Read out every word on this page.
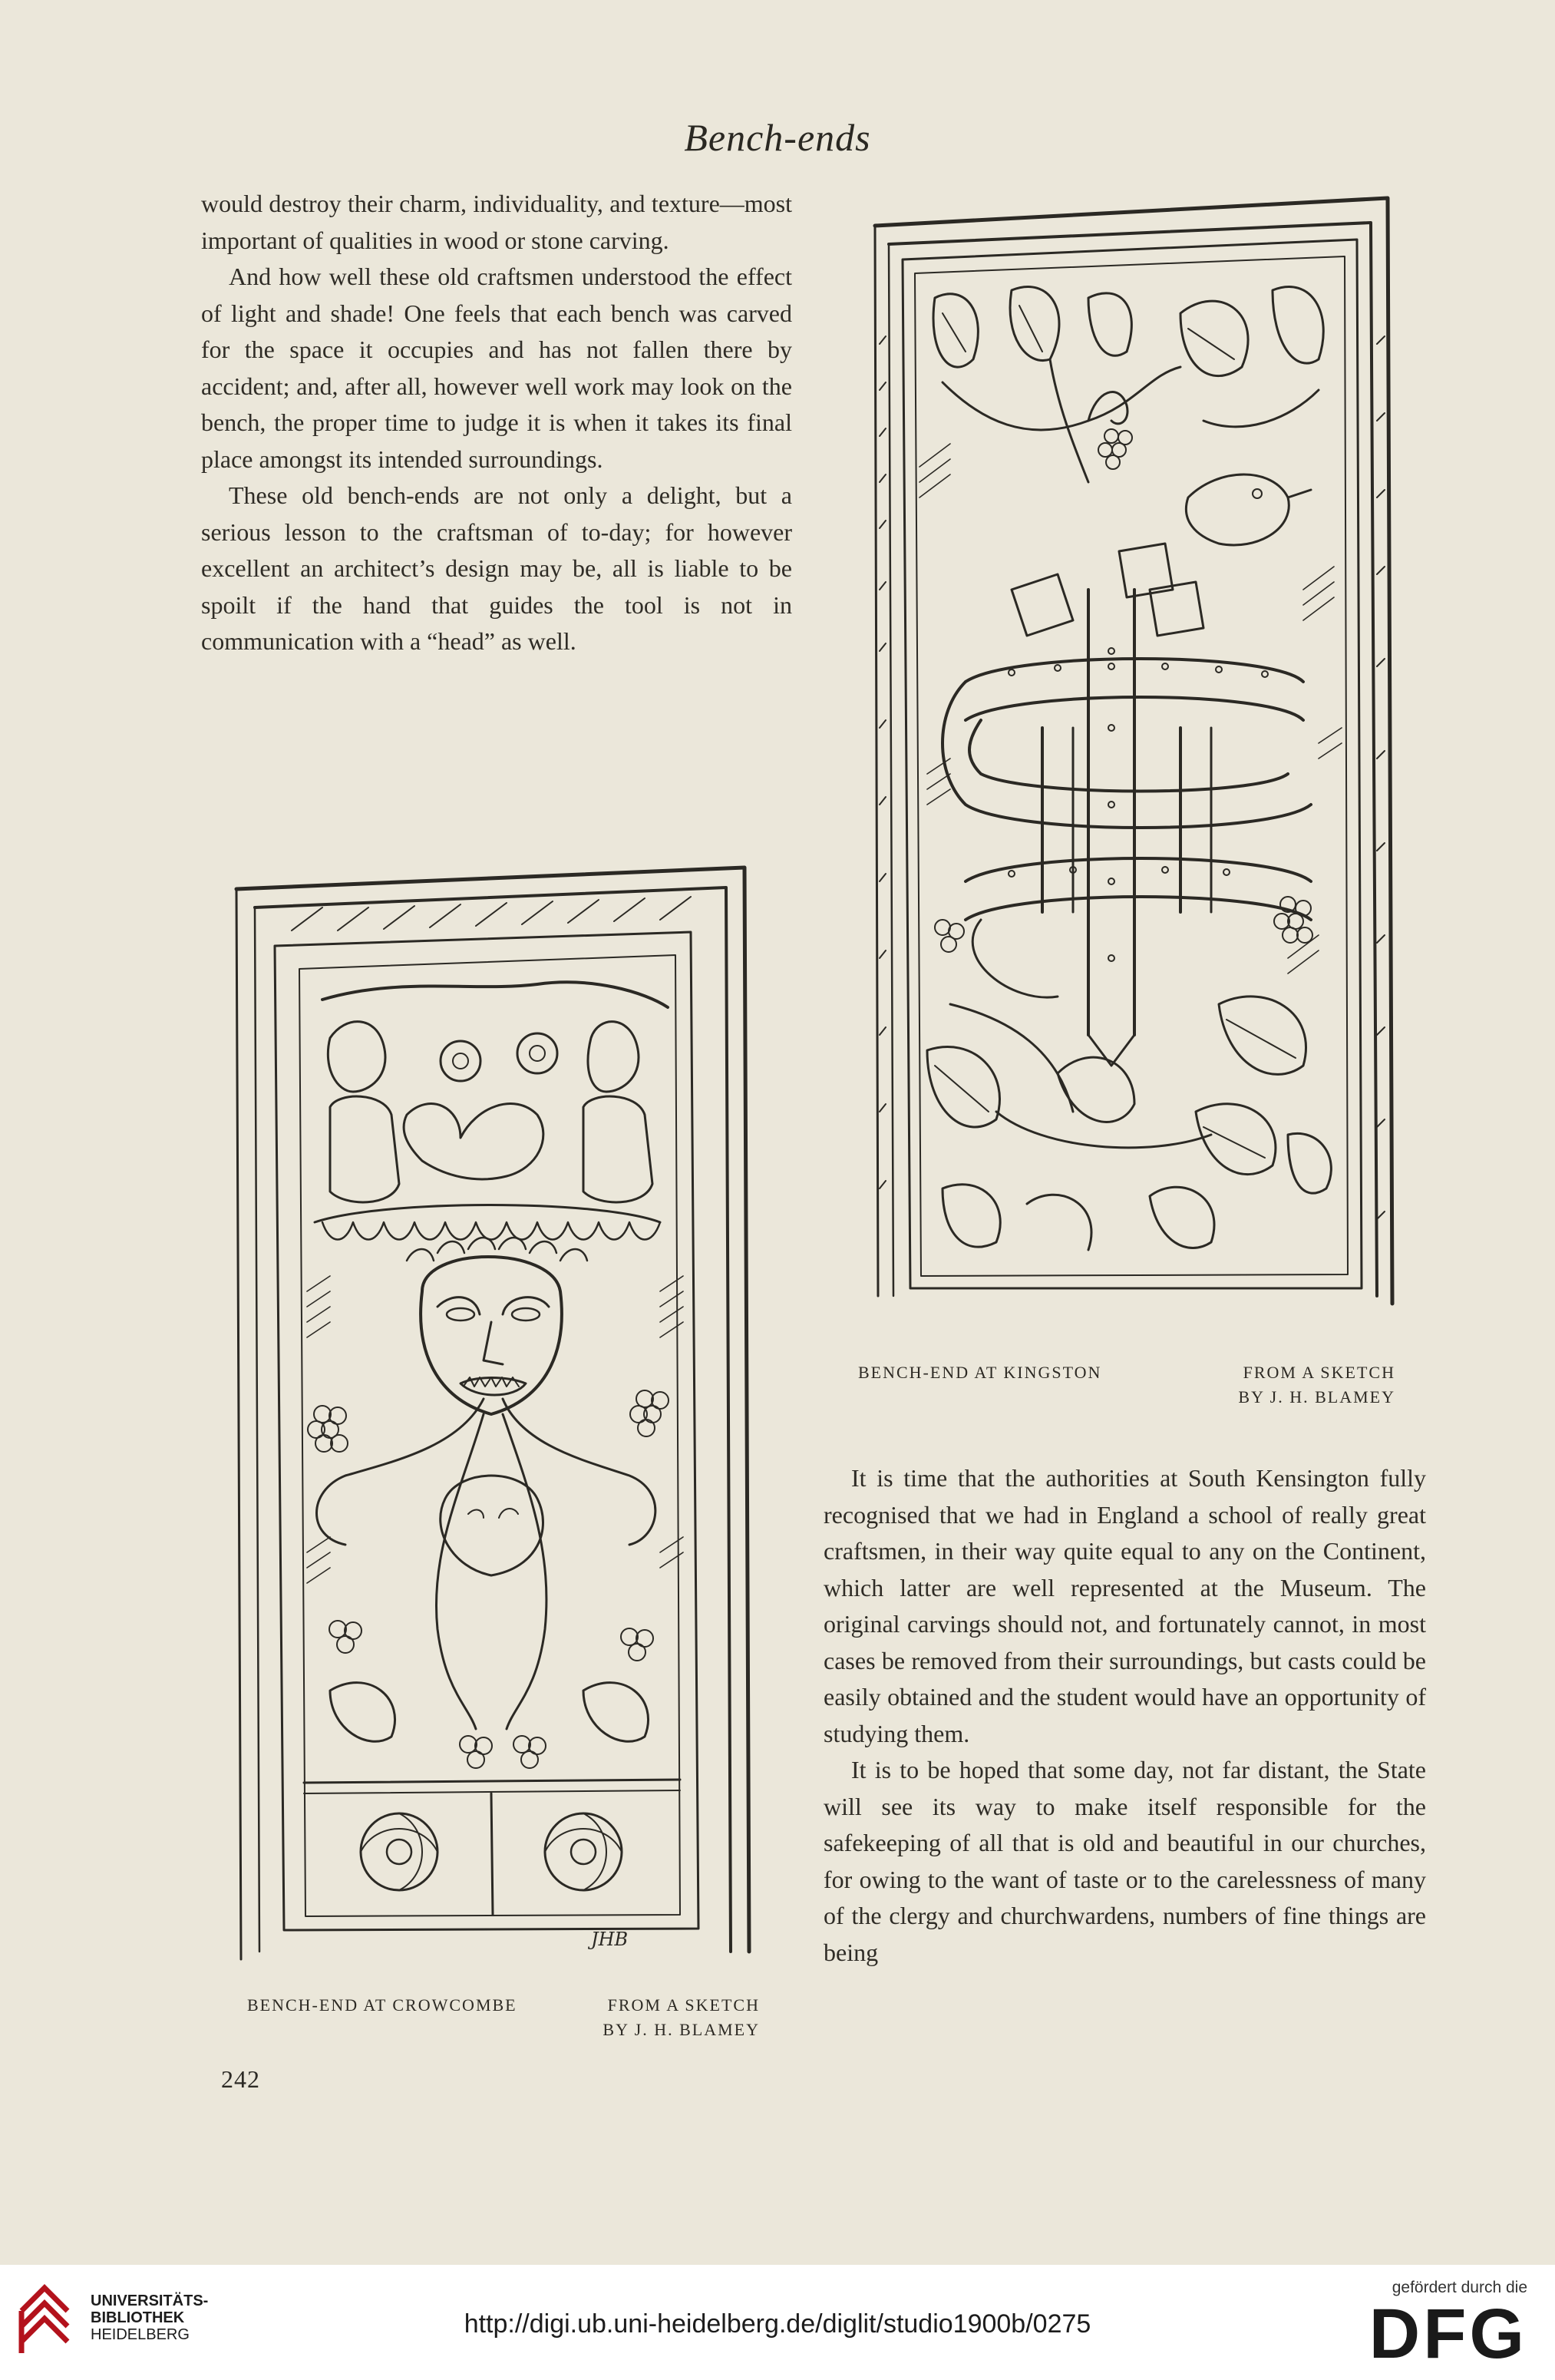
Bench-ends

would destroy their charm, individuality, and texture—most important of qualities in wood or stone carving.

And how well these old craftsmen understood the effect of light and shade! One feels that each bench was carved for the space it occupies and has not fallen there by accident; and, after all, however well work may look on the bench, the proper time to judge it is when it takes its final place amongst its intended surroundings.

These old bench-ends are not only a delight, but a serious lesson to the craftsman of to-day; for however excellent an architect’s design may be, all is liable to be spoilt if the hand that guides the tool is not in communication with a “head” as well.

BENCH-END AT KINGSTON	FROM A SKETCH
BY J. H. BLAMEY
JHB
BENCH-END AT CROWCOMBE	FROM A SKETCH
BY J. H. BLAMEY

It is time that the authorities at South Kensington fully recognised that we had in England a school of really great craftsmen, in their way quite equal to any on the Continent, which latter are well represented at the Museum. The original carvings should not, and fortunately cannot, in most cases be removed from their surroundings, but casts could be easily obtained and the student would have an opportunity of studying them.

It is to be hoped that some day, not far distant, the State will see its way to make itself responsible for the safekeeping of all that is old and beautiful in our churches, for owing to the want of taste or to the carelessness of many of the clergy and churchwardens, numbers of fine things are being

242
UNIVERSITÄTS-
BIBLIOTHEK
HEIDELBERG	http://digi.ub.uni-heidelberg.de/diglit/studio1900b/0275
gefördert durch die
DFG
